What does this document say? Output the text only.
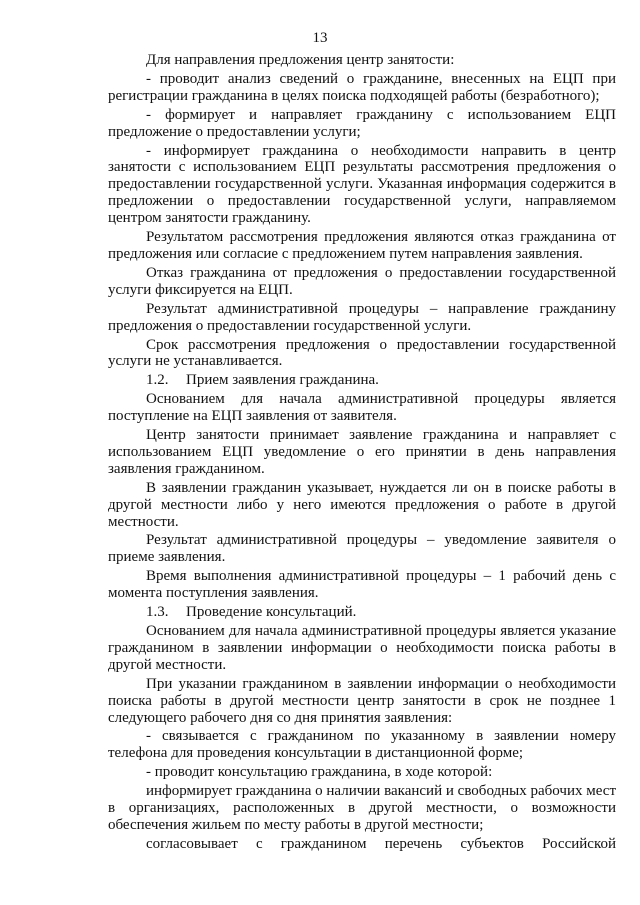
13

Для направления предложения центр занятости:

- проводит анализ сведений о гражданине, внесенных на ЕЦП при регистрации гражданина в целях поиска подходящей работы (безработного);

- формирует и направляет гражданину с использованием ЕЦП предложение о предоставлении услуги;

- информирует гражданина о необходимости направить в центр занятости с использованием ЕЦП результаты рассмотрения предложения о предоставлении государственной услуги. Указанная информация содержится в предложении о предоставлении государственной услуги, направляемом центром занятости гражданину.

Результатом рассмотрения предложения являются отказ гражданина от предложения или согласие с предложением путем направления заявления.

Отказ гражданина от предложения о предоставлении государственной услуги фиксируется на ЕЦП.

Результат административной процедуры – направление гражданину предложения о предоставлении государственной услуги.

Срок рассмотрения предложения о предоставлении государственной услуги не устанавливается.

1.2. Прием заявления гражданина.

Основанием для начала административной процедуры является поступление на ЕЦП заявления от заявителя.

Центр занятости принимает заявление гражданина и направляет с использованием ЕЦП уведомление о его принятии в день направления заявления гражданином.

В заявлении гражданин указывает, нуждается ли он в поиске работы в другой местности либо у него имеются предложения о работе в другой местности.

Результат административной процедуры – уведомление заявителя о приеме заявления.

Время выполнения административной процедуры – 1 рабочий день с момента поступления заявления.

1.3. Проведение консультаций.

Основанием для начала административной процедуры является указание гражданином в заявлении информации о необходимости поиска работы в другой местности.

При указании гражданином в заявлении информации о необходимости поиска работы в другой местности центр занятости в срок не позднее 1 следующего рабочего дня со дня принятия заявления:

- связывается с гражданином по указанному в заявлении номеру телефона для проведения консультации в дистанционной форме;

- проводит консультацию гражданина, в ходе которой:

информирует гражданина о наличии вакансий и свободных рабочих мест в организациях, расположенных в другой местности, о возможности обеспечения жильем по месту работы в другой местности;

согласовывает с гражданином перечень субъектов Российской
